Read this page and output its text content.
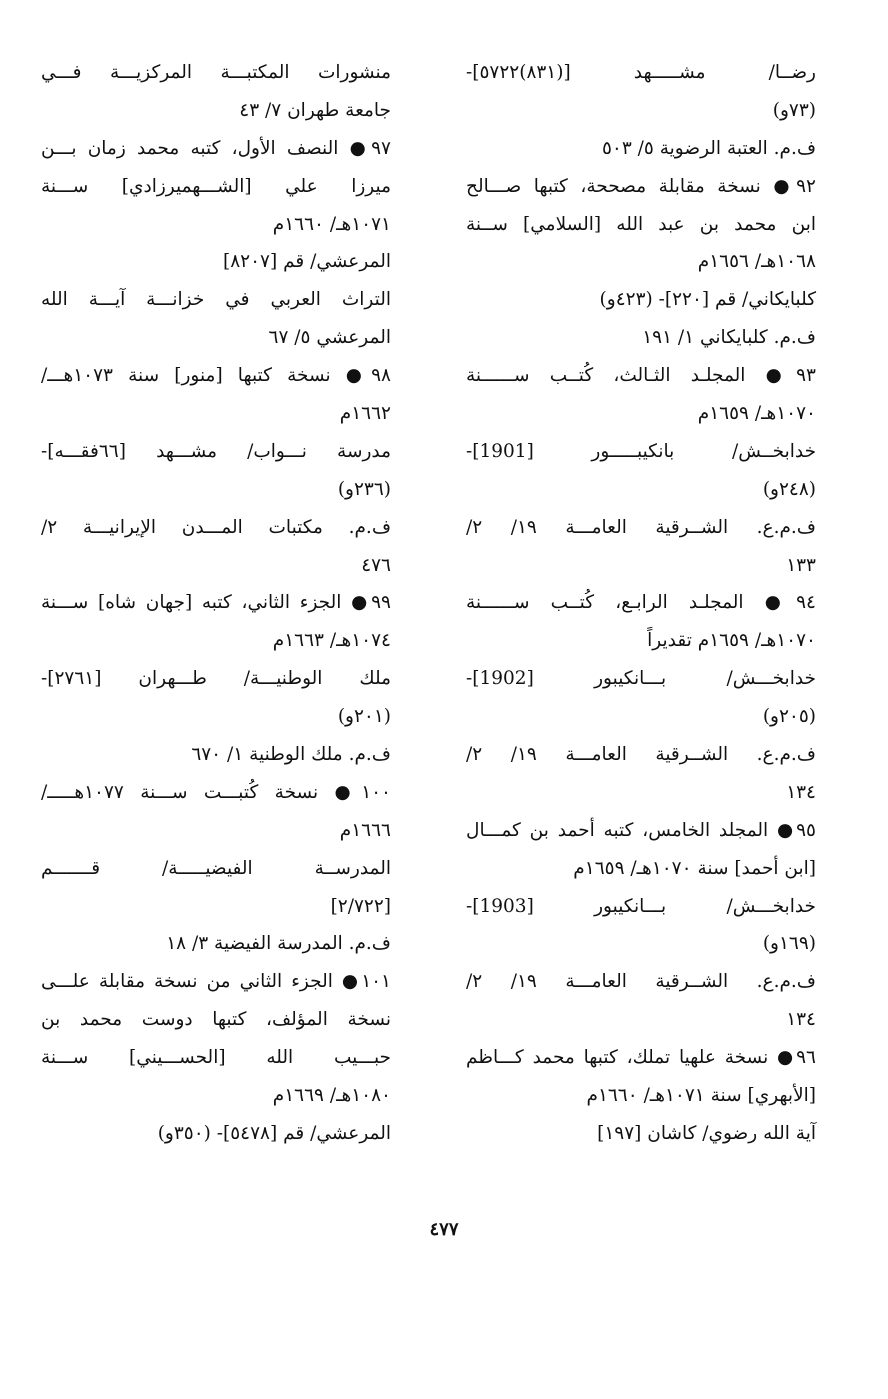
رضــا/ مشـــــهد [(٨٣١)٥٧٢٢]-
(٧٣و)
ف.م. العتبة الرضوية ٥/ ٥٠٣
٩٢● نسخة مقابلة مصححة، كتبها صـــالح
ابن محمد بن عبد الله [السلامي] ســنة
١٠٦٨هـ/ ١٦٥٦م
كلبايكاني/ قم [٢٢٠]- (٤٢٣و)
ف.م. كلبايكاني ١/ ١٩١
٩٣● المجلـد الثـالث، كُتــب ســــــنة
١٠٧٠هـ/ ١٦٥٩م
خدابخــش/ بانكيبـــــور [1901]-
(٢٤٨و)
ف.م.ع. الشــرقية العامـــة ١٩/ ٢/
١٣٣
٩٤● المجلـد الرابـع، كُتــب ســــــنة
١٠٧٠هـ/ ١٦٥٩م تقديراً
خدابخـــش/ بـــانكيبور [1902]-
(٢٠٥و)
ف.م.ع. الشــرقية العامـــة ١٩/ ٢/
١٣٤
٩٥● المجلد الخامس، كتبه أحمد بن كمـــال
[ابن أحمد] سنة ١٠٧٠هـ/ ١٦٥٩م
خدابخـــش/ بـــانكيبور [1903]-
(١٦٩و)
ف.م.ع. الشــرقية العامـــة ١٩/ ٢/
١٣٤
٩٦● نسخة علهيا تملك، كتبها محمد كـــاظم
[الأبهري] سنة ١٠٧١هـ/ ١٦٦٠م
آية الله رضوي/ كاشان [١٩٧]
منشورات المكتبـــة المركزيـــة فـــي
جامعة طهران ٧/ ٤٣
٩٧● النصف الأول، كتبه محمد زمان بـــن
ميرزا علي [الشـــهميرزادي] ســـنة
١٠٧١هـ/ ١٦٦٠م
المرعشي/ قم [٨٢٠٧]
التراث العربي في خزانـــة آيـــة الله
المرعشي ٥/ ٦٧
٩٨● نسخة كتبها [منور] سنة ١٠٧٣هـــ/
١٦٦٢م
مدرسة نـــواب/ مشـــهد [٦٦فقـــه]-
(٢٣٦و)
ف.م. مكتبات المـــدن الإيرانيـــة ٢/
٤٧٦
٩٩● الجزء الثاني، كتبه [جهان شاه] ســـنة
١٠٧٤هـ/ ١٦٦٣م
ملك الوطنيـــة/ طـــهران [٢٧٦١]-
(٢٠١و)
ف.م. ملك الوطنية ١/ ٦٧٠
١٠٠● نسخة كُتبـــت ســـنة ١٠٧٧هـــــ/
١٦٦٦م
المدرســة الفيضيـــــة/ قـــــــم
[٢/٧٢٢]
ف.م. المدرسة الفيضية ٣/ ١٨
١٠١● الجزء الثاني من نسخة مقابلة علـــى
نسخة المؤلف، كتبها دوست محمد بن
حبـــيب الله [الحســـيني] ســـنة
١٠٨٠هـ/ ١٦٦٩م
المرعشي/ قم [٥٤٧٨]- (٣٥٠و)
٤٧٧
